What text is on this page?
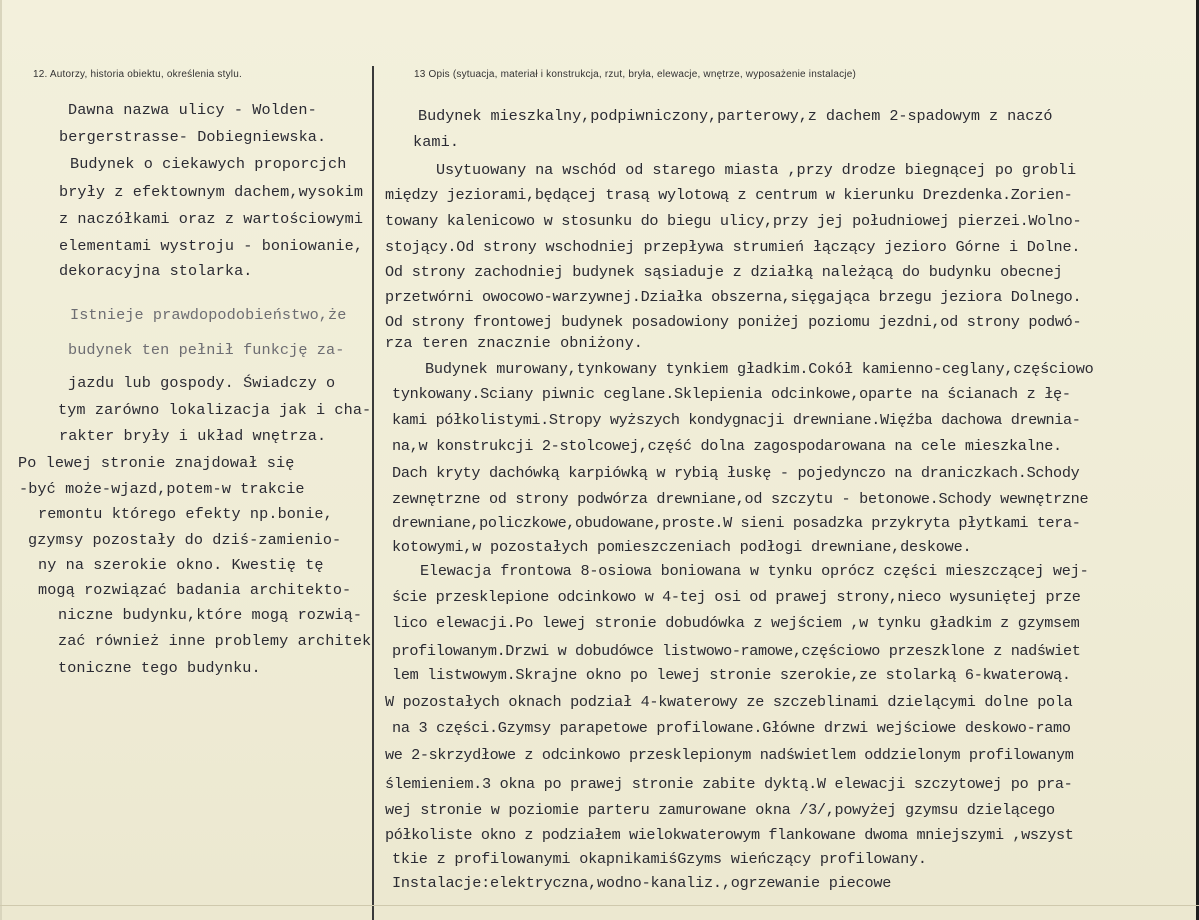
12. Autorzy, historia obiektu, określenia stylu.	13 Opis (sytuacja, materiał i konstrukcja, rzut, bryła, elewacje, wnętrze, wyposażenie instalacje)
Dawna nazwa ulicy - Wolden-
bergerstrasse- Dobiegniewska.
Budynek o ciekawych proporcjch
bryły z efektownym dachem,wysokim
z naczółkami oraz z wartościowymi
elementami wystroju - boniowanie,
dekoracyjna stolarka.
Istnieje prawdopodobieństwo,że
budynek ten pełnił funkcję za-
jazdu lub gospody. Świadczy o
tym zarówno lokalizacja jak i cha-
rakter bryły i układ wnętrza.
Po lewej stronie znajdował się
-być może-wjazd,potem-w trakcie
remontu którego efekty np.bonie,
gzymsy pozostały do dziś-zamienio-
ny na szerokie okno. Kwestię tę
mogą rozwiązać badania architekto-
niczne budynku,które mogą rozwią-
zać również inne problemy architek
toniczne tego budynku.
Budynek mieszkalny,podpiwniczony,parterowy,z dachem 2-spadowym z naczó
kami.
Usytuowany na wschód od starego miasta ,przy drodze biegnącej po grobli
między jeziorami,będącej trasą wylotową z centrum w kierunku Drezdenka.Zorien-
towany kalenicowo w stosunku do biegu ulicy,przy jej południowej pierzei.Wolno-
stojący.Od strony wschodniej przepływa strumień łączący jezioro Górne i Dolne.
Od strony zachodniej budynek sąsiaduje z działką należącą do budynku obecnej
przetwórni owocowo-warzywnej.Działka obszerna,sięgająca brzegu jeziora Dolnego.
Od strony frontowej budynek posadowiony poniżej poziomu jezdni,od strony podwó-
rza teren znacznie obniżony.
Budynek murowany,tynkowany tynkiem gładkim.Cokół kamienno-ceglany,częściowo
tynkowany.Sciany piwnic ceglane.Sklepienia odcinkowe,oparte na ścianach z łę-
kami półkolistymi.Stropy wyższych kondygnacji drewniane.Więźba dachowa drewnia-
na,w konstrukcji 2-stolcowej,część dolna zagospodarowana na cele mieszkalne.
Dach kryty dachówką karpiówką w rybią łuskę - pojedynczo na draniczkach.Schody
zewnętrzne od strony podwórza drewniane,od szczytu - betonowe.Schody wewnętrzne
drewniane,policzkowe,obudowane,proste.W sieni posadzka przykryta płytkami tera-
kotowymi,w pozostałych pomieszczeniach podłogi drewniane,deskowe.
Elewacja frontowa 8-osiowa boniowana w tynku oprócz części mieszczącej wej-
ście przesklepione odcinkowo w 4-tej osi od prawej strony,nieco wysuniętej prze
lico elewacji.Po lewej stronie dobudówka z wejściem ,w tynku gładkim z gzymsem
profilowanym.Drzwi w dobudówce listwowo-ramowe,częściowo przeszklone z nadświet
lem listwowym.Skrajne okno po lewej stronie szerokie,ze stolarką 6-kwaterową.
W pozostałych oknach podział 4-kwaterowy ze szczeblinami dzielącymi dolne pola
na 3 części.Gzymsy parapetowe profilowane.Główne drzwi wejściowe deskowo-ramo
we 2-skrzydłowe z odcinkowo przesklepionym nadświetlem oddzielonym profilowanym
ślemieniem.3 okna po prawej stronie zabite dyktą.W elewacji szczytowej po pra-
wej stronie w poziomie parteru zamurowane okna /3/,powyżej gzymsu dzielącego
półkoliste okno z podziałem wielokwaterowym flankowane dwoma mniejszymi ,wszyst
tkie z profilowanymi okapnikamiśGzyms wieńczący profilowany.
Instalacje:elektryczna,wodno-kanaliz.,ogrzewanie piecowe
